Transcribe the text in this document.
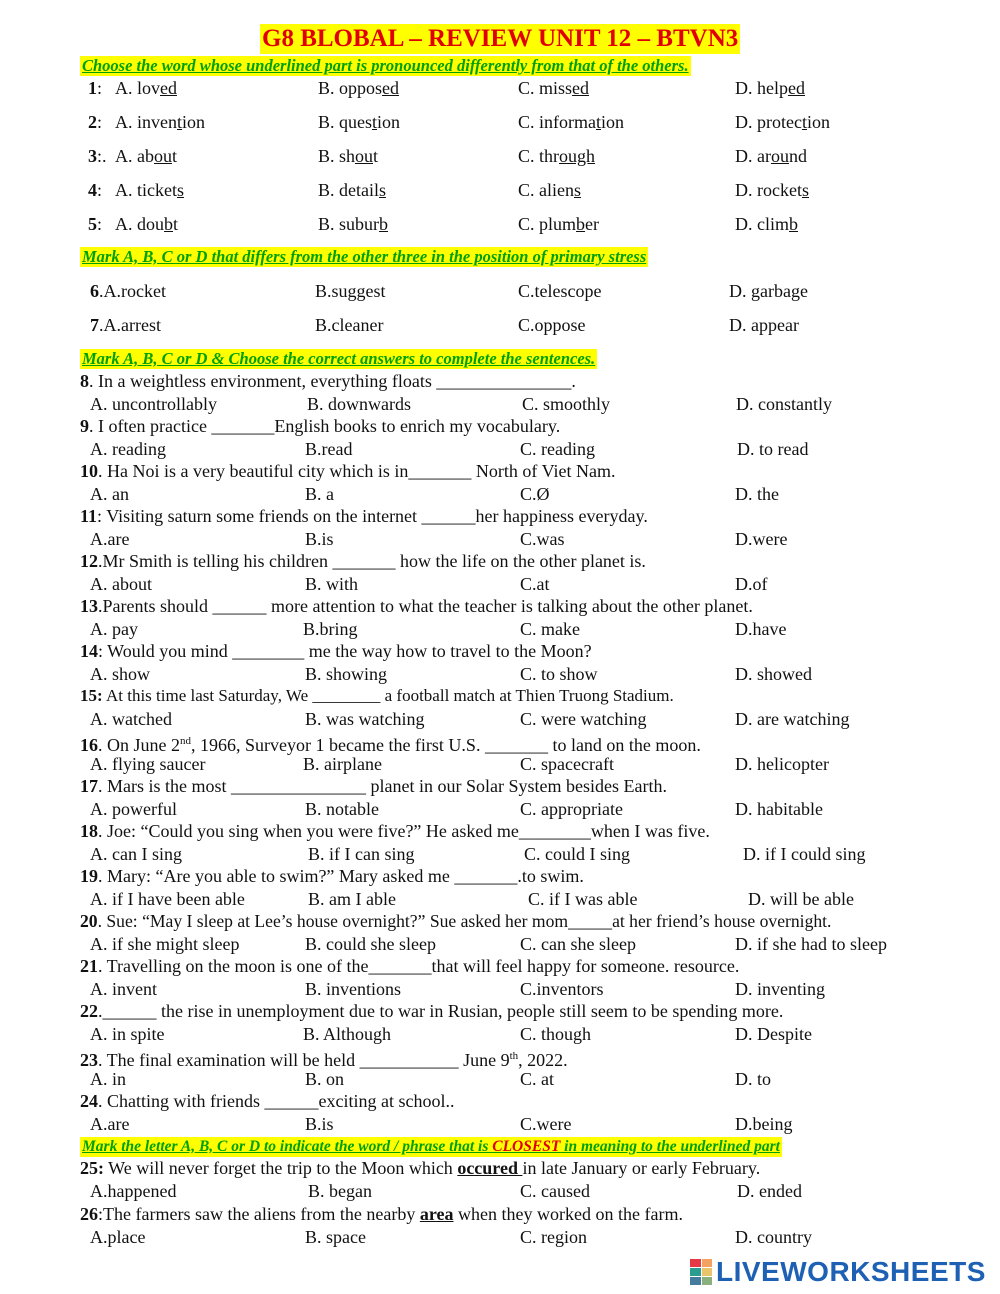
G8 BLOBAL – REVIEW UNIT 12 – BTVN3
Choose the word whose underlined part is pronounced differently from that of the others.
1: A. loved	B. opposed	C. missed	D. helped
2: A. invention	B. question	C. information	D. protection
3:. A. about	B. shout	C. through	D. around
4: A. tickets	B. details	C. aliens	D. rockets
5: A. doubt	B. suburb	C. plumber	D. climb
Mark A, B, C or D that differs from the other three in the position of primary stress
6.A.rocket	B.suggest	C.telescope	D. garbage
7.A.arrest	B.cleaner	C.oppose	D. appear
Mark A, B, C or D & Choose the correct answers to complete the sentences.
8. In a weightless environment, everything floats _______________.
A. uncontrollably	B. downwards	C. smoothly	D. constantly
9. I often practice _______English books to enrich my vocabulary.
A. reading	B.read	C. reading	D. to read
10. Ha Noi is a very beautiful city which is in_______ North of Viet Nam.
A. an	B. a	C.Ø	D. the
11: Visiting saturn some friends on the internet ______her happiness everyday.
A.are	B.is	C.was	D.were
12.Mr Smith is telling his children _______ how the life on the other planet is.
A. about	B. with	C.at	D.of
13.Parents should ______ more attention to what the teacher is talking about the other planet.
A. pay	B.bring	C. make	D.have
14: Would you mind ________ me the way how to travel to the Moon?
A. show	B. showing	C. to show	D. showed
15: At this time last Saturday, We ________ a football match at Thien Truong Stadium.
A. watched	B. was watching	C. were watching	D. are watching
16. On June 2nd, 1966, Surveyor 1 became the first U.S. _______ to land on the moon.
A. flying saucer	B. airplane	C. spacecraft	D. helicopter
17. Mars is the most _______________ planet in our Solar System besides Earth.
A. powerful	B. notable	C. appropriate	D. habitable
18. Joe: “Could you sing when you were five?” He asked me________when I was five.
A. can I sing	B. if I can sing	C. could I sing	D. if I could sing
19. Mary: “Are you able to swim?” Mary asked me _______.to swim.
A. if I have been able	B. am I able	C. if I was able	D. will be able
20. Sue: “May I sleep at Lee’s house overnight?” Sue asked her mom_____at her friend’s house overnight.
A. if she might sleep	B. could she sleep	C. can she sleep	D. if she had to sleep
21. Travelling on the moon is one of the_______that will feel happy for someone. resource.
A. invent	B. inventions	C.inventors	D. inventing
22.______ the rise in unemployment due to war in Rusian, people still seem to be spending more.
A. in spite	B. Although	C. though	D. Despite
23. The final examination will be held ___________ June 9th, 2022.
A. in	B. on	C. at	D. to
24. Chatting with friends ______exciting at school..
A.are	B.is	C.were	D.being
Mark the letter A, B, C or D to indicate the word / phrase that is CLOSEST in meaning to the underlined part
25: We will never forget the trip to the Moon which occured in late January or early February.
A.happened	B. began	C. caused	D. ended
26:The farmers saw the aliens from the nearby area when they worked on the farm.
A.place	B. space	C. region	D. country
LIVEWORKSHEETS
